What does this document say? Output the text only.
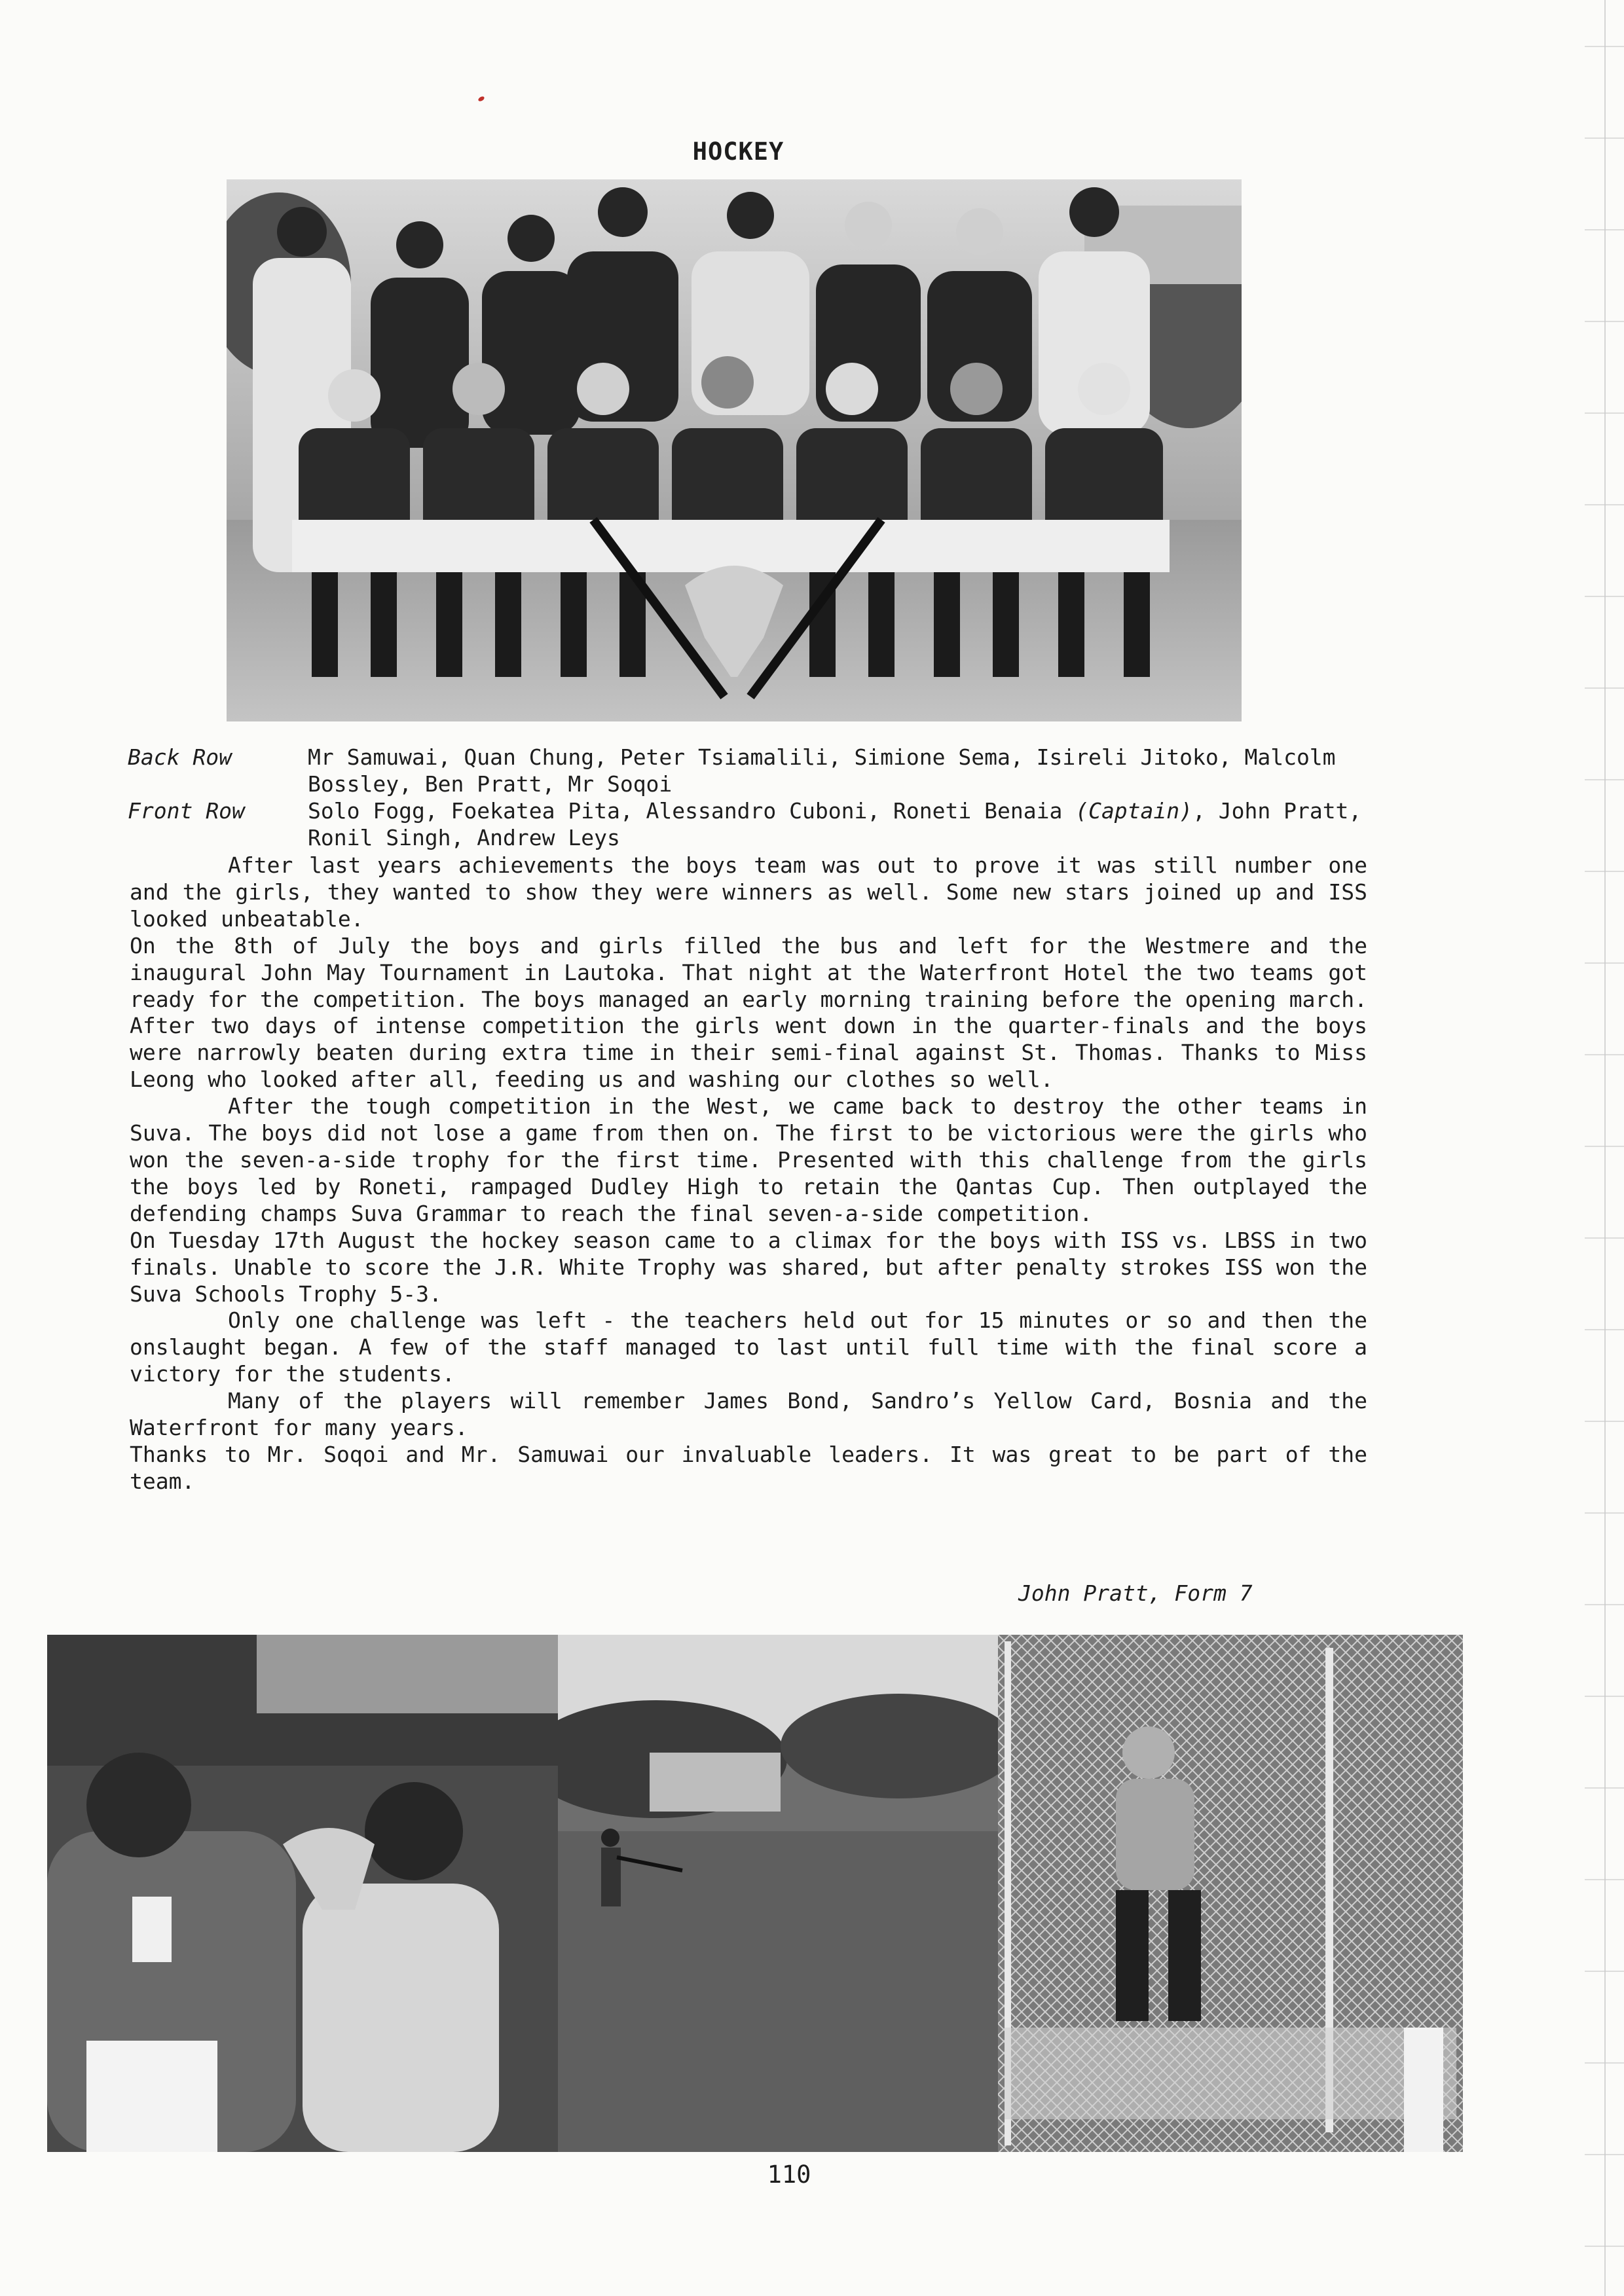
HOCKEY
Back Row	Mr Samuwai, Quan Chung, Peter Tsiamalili, Simione Sema, Isireli Jitoko, Malcolm Bossley, Ben Pratt, Mr Soqoi
Front Row	Solo Fogg, Foekatea Pita, Alessandro Cuboni, Roneti Benaia (Captain), John Pratt, Ronil Singh, Andrew Leys

After last years achievements the boys team was out to prove it was still number one and the girls, they wanted to show they were winners as well. Some new stars joined up and ISS looked unbeatable.

On the 8th of July the boys and girls filled the bus and left for the Westmere and the inaugural John May Tournament in Lautoka. That night at the Waterfront Hotel the two teams got ready for the competition. The boys managed an early morning training before the opening march. After two days of intense competition the girls went down in the quarter-finals and the boys were narrowly beaten during extra time in their semi-final against St. Thomas. Thanks to Miss Leong who looked after all, feeding us and washing our clothes so well.

After the tough competition in the West, we came back to destroy the other teams in Suva. The boys did not lose a game from then on. The first to be victorious were the girls who won the seven-a-side trophy for the first time. Presented with this challenge from the girls the boys led by Roneti, rampaged Dudley High to retain the Qantas Cup. Then outplayed the defending champs Suva Grammar to reach the final seven-a-side competition.

On Tuesday 17th August the hockey season came to a climax for the boys with ISS vs. LBSS in two finals. Unable to score the J.R. White Trophy was shared, but after penalty strokes ISS won the Suva Schools Trophy 5-3.

Only one challenge was left - the teachers held out for 15 minutes or so and then the onslaught began. A few of the staff managed to last until full time with the final score a victory for the students.

Many of the players will remember James Bond, Sandro’s Yellow Card, Bosnia and the Waterfront for many years.

Thanks to Mr. Soqoi and Mr. Samuwai our invaluable leaders. It was great to be part of the team.

John Pratt, Form 7
110
